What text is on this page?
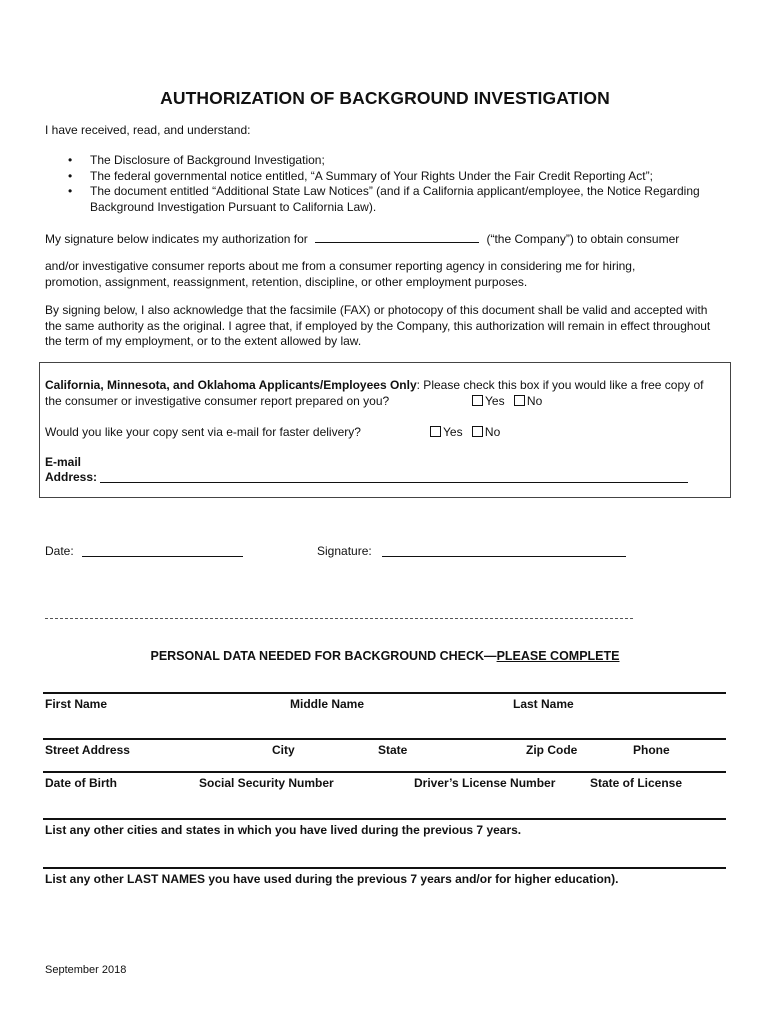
AUTHORIZATION OF BACKGROUND INVESTIGATION
I have received, read, and understand:
• The Disclosure of Background Investigation;
• The federal governmental notice entitled, “A Summary of Your Rights Under the Fair Credit Reporting Act”;
• The document entitled “Additional State Law Notices” (and if a California applicant/employee, the Notice Regarding Background Investigation Pursuant to California Law).
My signature below indicates my authorization for	(“the Company”) to obtain consumer
and/or investigative consumer reports about me from a consumer reporting agency in considering me for hiring, promotion, assignment, reassignment, retention, discipline, or other employment purposes.
By signing below, I also acknowledge that the facsimile (FAX) or photocopy of this document shall be valid and accepted with the same authority as the original. I agree that, if employed by the Company, this authorization will remain in effect throughout the term of my employment, or to the extent allowed by law.
California, Minnesota, and Oklahoma Applicants/Employees Only: Please check this box if you would like a free copy of the consumer or investigative consumer report prepared on you?	Yes No
Would you like your copy sent via e-mail for faster delivery?	Yes No
E-mail
Address:
Date:	Signature:
PERSONAL DATA NEEDED FOR BACKGROUND CHECK—PLEASE COMPLETE
First Name	Middle Name	Last Name
Street Address	City	State	Zip Code	Phone
Date of Birth	Social Security Number	Driver’s License Number	State of License
List any other cities and states in which you have lived during the previous 7 years.
List any other LAST NAMES you have used during the previous 7 years and/or for higher education).
September 2018
